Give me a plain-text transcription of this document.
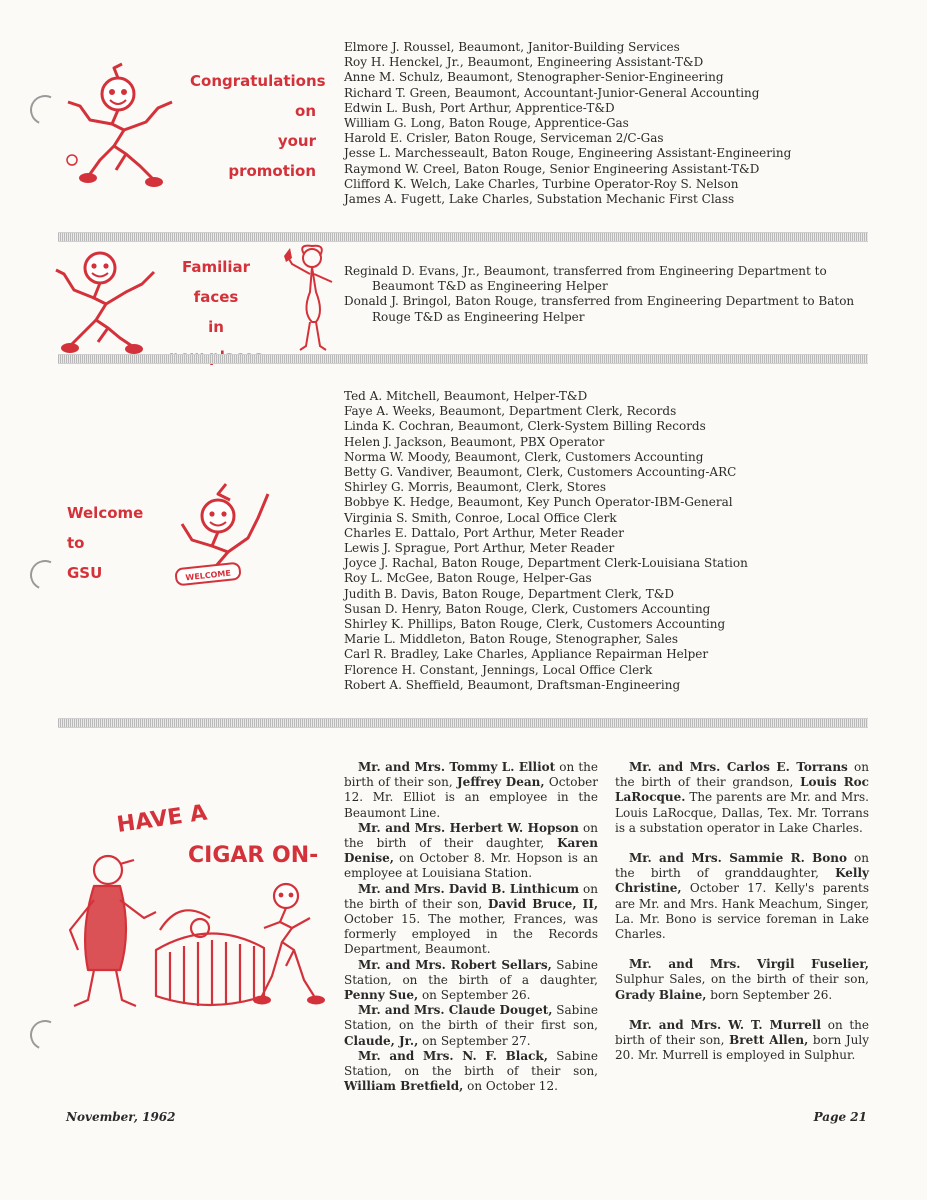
Congratulations
on
your
promotion
Elmore J. Roussel, Beaumont, Janitor-Building Services
Roy H. Henckel, Jr., Beaumont, Engineering Assistant-T&D
Anne M. Schulz, Beaumont, Stenographer-Senior-Engineering
Richard T. Green, Beaumont, Accountant-Junior-General Accounting
Edwin L. Bush, Port Arthur, Apprentice-T&D
William G. Long, Baton Rouge, Apprentice-Gas
Harold E. Crisler, Baton Rouge, Serviceman 2/C-Gas
Jesse L. Marchesseault, Baton Rouge, Engineering Assistant-Engineering
Raymond W. Creel, Baton Rouge, Senior Engineering Assistant-T&D
Clifford K. Welch, Lake Charles, Turbine Operator-Roy S. Nelson
James A. Fugett, Lake Charles, Substation Mechanic First Class
Familiar faces
in
Reginald D. Evans, Jr., Beaumont, transferred from Engineering Department to Beaumont T&D as Engineering Helper
Donald J. Bringol, Baton Rouge, transferred from Engineering Department to Baton Rouge T&D as Engineering Helper
Welcome
to
GSU	WELCOME
Ted A. Mitchell, Beaumont, Helper-T&D
Faye A. Weeks, Beaumont, Department Clerk, Records
Linda K. Cochran, Beaumont, Clerk-System Billing Records
Helen J. Jackson, Beaumont, PBX Operator
Norma W. Moody, Beaumont, Clerk, Customers Accounting
Betty G. Vandiver, Beaumont, Clerk, Customers Accounting-ARC
Shirley G. Morris, Beaumont, Clerk, Stores
Bobbye K. Hedge, Beaumont, Key Punch Operator-IBM-General
Virginia S. Smith, Conroe, Local Office Clerk
Charles E. Dattalo, Port Arthur, Meter Reader
Lewis J. Sprague, Port Arthur, Meter Reader
Joyce J. Rachal, Baton Rouge, Department Clerk-Louisiana Station
Roy L. McGee, Baton Rouge, Helper-Gas
Judith B. Davis, Baton Rouge, Department Clerk, T&D
Susan D. Henry, Baton Rouge, Clerk, Customers Accounting
Shirley K. Phillips, Baton Rouge, Clerk, Customers Accounting
Marie L. Middleton, Baton Rouge, Stenographer, Sales
Carl R. Bradley, Lake Charles, Appliance Repairman Helper
Florence H. Constant, Jennings, Local Office Clerk
Robert A. Sheffield, Beaumont, Draftsman-Engineering
HAVE A
CIGAR ON-

Mr. and Mrs. Tommy L. Elliot on the birth of their son, Jeffrey Dean, October 12. Mr. Elliot is an employee in the Beaumont Line.

Mr. and Mrs. Herbert W. Hopson on the birth of their daughter, Karen Denise, on October 8. Mr. Hopson is an employee at Louisiana Station.

Mr. and Mrs. David B. Linthicum on the birth of their son, David Bruce, II, October 15. The mother, Frances, was formerly employed in the Records Department, Beaumont.

Mr. and Mrs. Robert Sellars, Sabine Station, on the birth of a daughter, Penny Sue, on September 26.

Mr. and Mrs. Claude Douget, Sabine Station, on the birth of their first son, Claude, Jr., on September 27.

Mr. and Mrs. N. F. Black, Sabine Station, on the birth of their son, William Bretfield, on October 12.

Mr. and Mrs. Carlos E. Torrans on the birth of their grandson, Louis Roc LaRocque. The parents are Mr. and Mrs. Louis LaRocque, Dallas, Tex. Mr. Torrans is a substation operator in Lake Charles.

Mr. and Mrs. Sammie R. Bono on the birth of granddaughter, Kelly Christine, October 17. Kelly's parents are Mr. and Mrs. Hank Meachum, Singer, La. Mr. Bono is service foreman in Lake Charles.

Mr. and Mrs. Virgil Fuselier, Sulphur Sales, on the birth of their son, Grady Blaine, born September 26.

Mr. and Mrs. W. T. Murrell on the birth of their son, Brett Allen, born July 20. Mr. Murrell is employed in Sulphur.

November, 1962	Page 21
